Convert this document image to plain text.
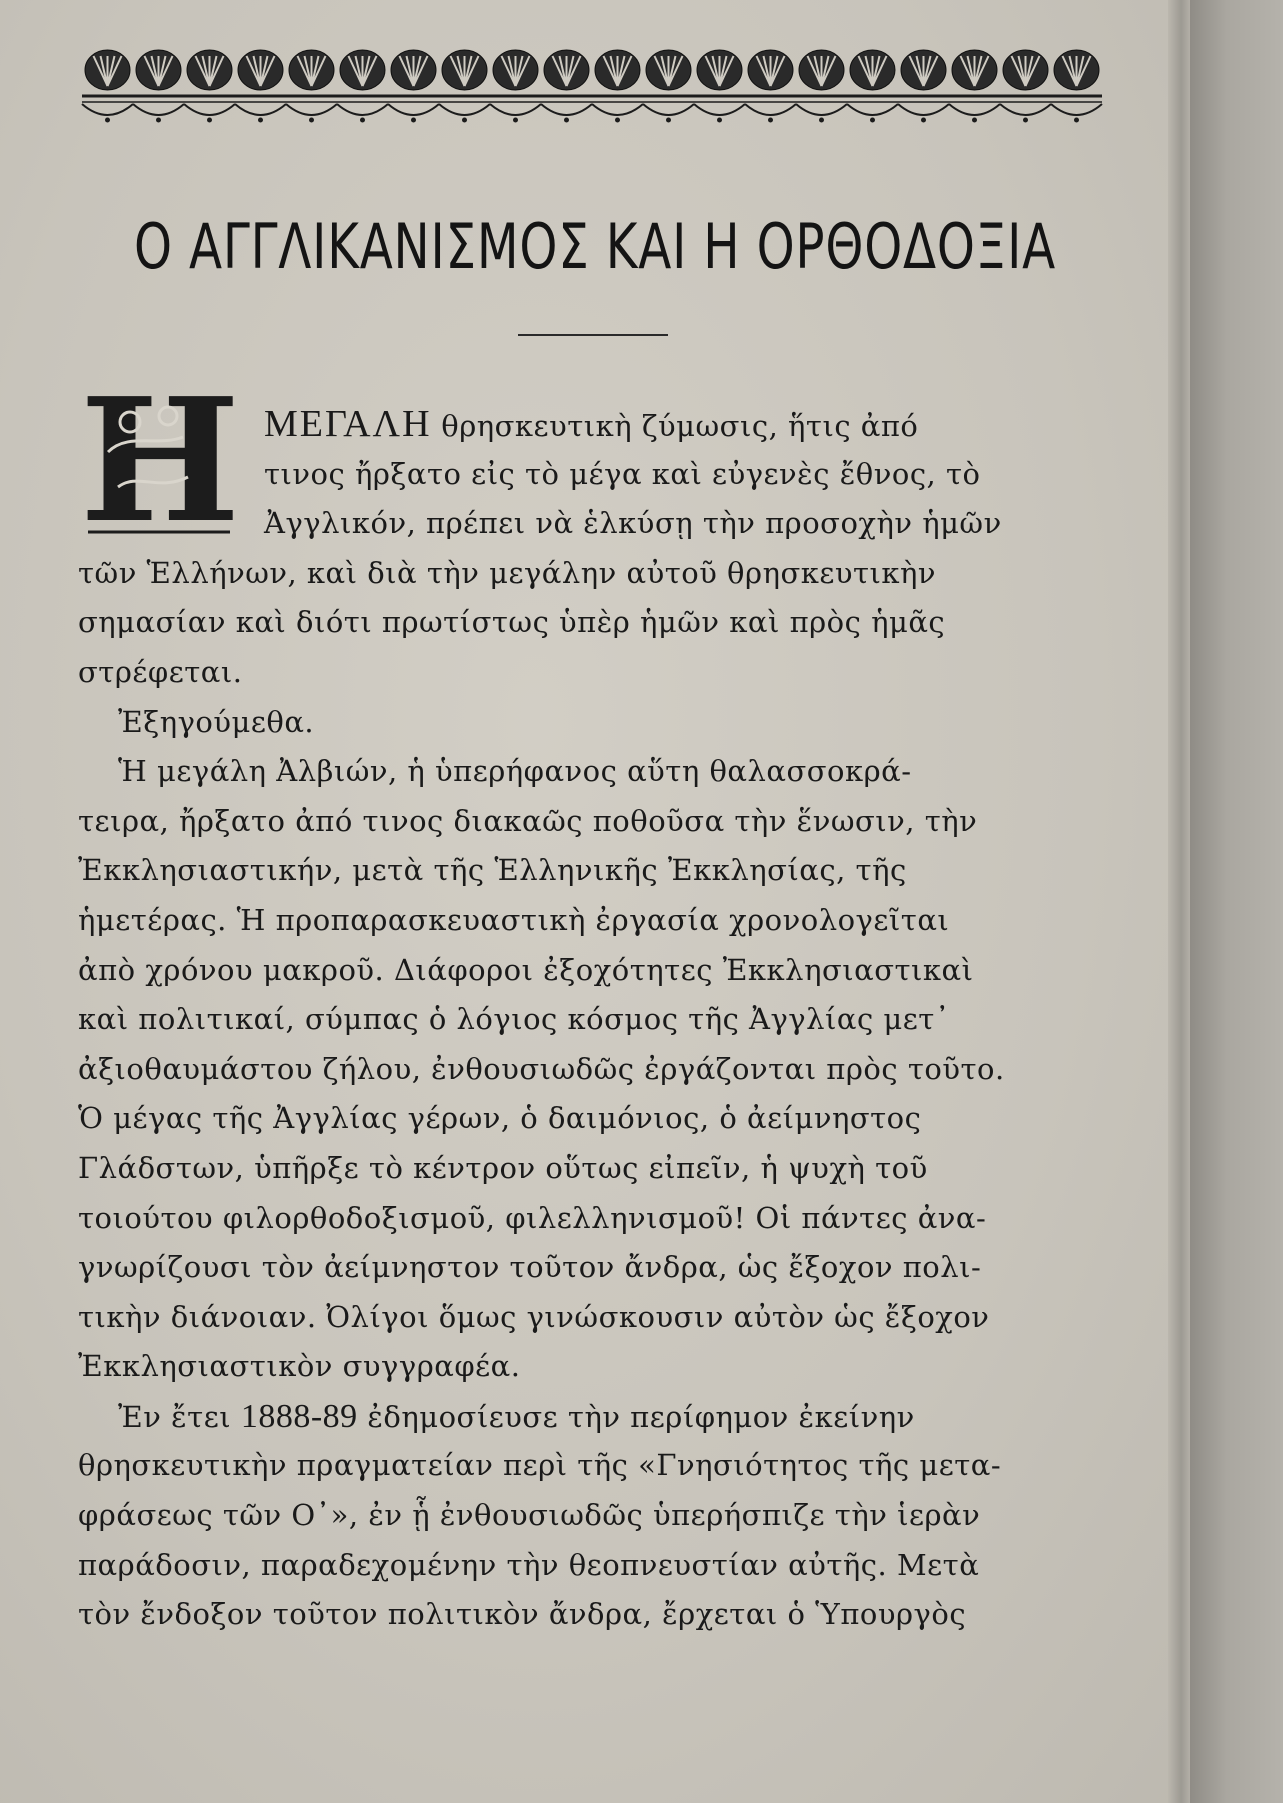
Ο ΑΓΓΛΙΚΑΝΙΣΜΟΣ ΚΑΙ Η ΟΡΘΟΔΟΞΙΑ
Η ΜΕΓΑΛΗ θρησκευτικὴ ζύμωσις, ἥτις ἀπό
τινος ἤρξατο εἰς τὸ μέγα καὶ εὐγενὲς ἔθνος, τὸ
Ἀγγλικόν, πρέπει νὰ ἑλκύσῃ τὴν προσοχὴν ἡμῶν
τῶν Ἑλλήνων, καὶ διὰ τὴν μεγάλην αὐτοῦ θρησκευτικὴν
σημασίαν καὶ διότι πρωτίστως ὑπὲρ ἡμῶν καὶ πρὸς ἡμᾶς
στρέφεται.
Ἐξηγούμεθα.
Ἡ μεγάλη Ἀλβιών, ἡ ὑπερήφανος αὕτη θαλασσοκρά-
τειρα, ἤρξατο ἀπό τινος διακαῶς ποθοῦσα τὴν ἕνωσιν, τὴν
Ἐκκλησιαστικήν, μετὰ τῆς Ἑλληνικῆς Ἐκκλησίας, τῆς
ἡμετέρας. Ἡ προπαρασκευαστικὴ ἐργασία χρονολογεῖται
ἀπὸ χρόνου μακροῦ. Διάφοροι ἐξοχότητες Ἐκκλησιαστικαὶ
καὶ πολιτικαί, σύμπας ὁ λόγιος κόσμος τῆς Ἀγγλίας μετ᾽
ἀξιοθαυμάστου ζήλου, ἐνθουσιωδῶς ἐργάζονται πρὸς τοῦτο.
Ὁ μέγας τῆς Ἀγγλίας γέρων, ὁ δαιμόνιος, ὁ ἀείμνηστος
Γλάδστων, ὑπῆρξε τὸ κέντρον οὕτως εἰπεῖν, ἡ ψυχὴ τοῦ
τοιούτου φιλορθοδοξισμοῦ, φιλελληνισμοῦ! Οἱ πάντες ἀνα-
γνωρίζουσι τὸν ἀείμνηστον τοῦτον ἄνδρα, ὡς ἔξοχον πολι-
τικὴν διάνοιαν. Ὀλίγοι ὅμως γινώσκουσιν αὐτὸν ὡς ἔξοχον
Ἐκκλησιαστικὸν συγγραφέα.
Ἐν ἔτει 1888-89 ἐδημοσίευσε τὴν περίφημον ἐκείνην
θρησκευτικὴν πραγματείαν περὶ τῆς «Γνησιότητος τῆς μετα-
φράσεως τῶν Ο᾽», ἐν ᾗ ἐνθουσιωδῶς ὑπερήσπιζε τὴν ἱερὰν
παράδοσιν, παραδεχομένην τὴν θεοπνευστίαν αὐτῆς. Μετὰ
τὸν ἔνδοξον τοῦτον πολιτικὸν ἄνδρα, ἔρχεται ὁ Ὑπουργὸς
